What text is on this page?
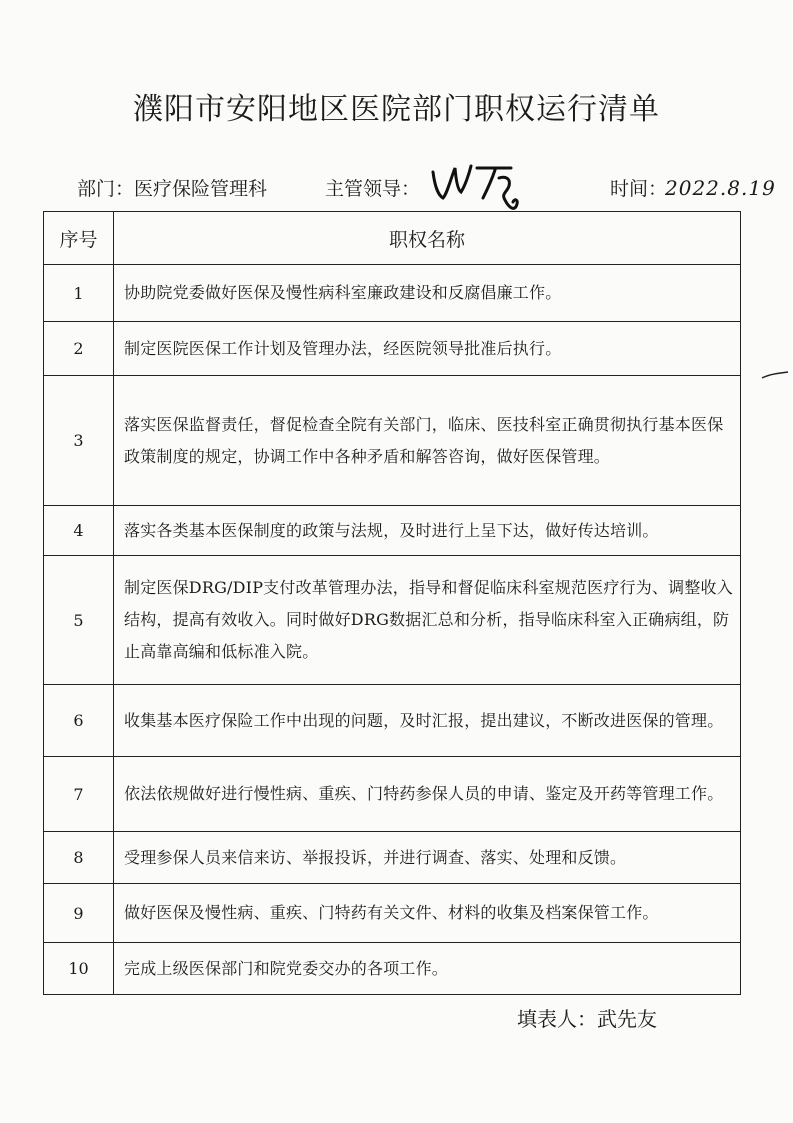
濮阳市安阳地区医院部门职权运行清单
部门：医疗保险管理科	主管领导：	时间：
2022.8.19
序号	职权名称
1	协助院党委做好医保及慢性病科室廉政建设和反腐倡廉工作。
2	制定医院医保工作计划及管理办法，经医院领导批准后执行。
3	落实医保监督责任，督促检查全院有关部门，临床、医技科室正确贯彻执行基本医保政策制度的规定，协调工作中各种矛盾和解答咨询，做好医保管理。
4	落实各类基本医保制度的政策与法规，及时进行上呈下达，做好传达培训。
5	制定医保DRG/DIP支付改革管理办法，指导和督促临床科室规范医疗行为、调整收入结构，提高有效收入。同时做好DRG数据汇总和分析，指导临床科室入正确病组，防止高靠高编和低标准入院。
6	收集基本医疗保险工作中出现的问题，及时汇报，提出建议，不断改进医保的管理。
7	依法依规做好进行慢性病、重疾、门特药参保人员的申请、鉴定及开药等管理工作。
8	受理参保人员来信来访、举报投诉，并进行调查、落实、处理和反馈。
9	做好医保及慢性病、重疾、门特药有关文件、材料的收集及档案保管工作。
10	完成上级医保部门和院党委交办的各项工作。
填表人：武先友
